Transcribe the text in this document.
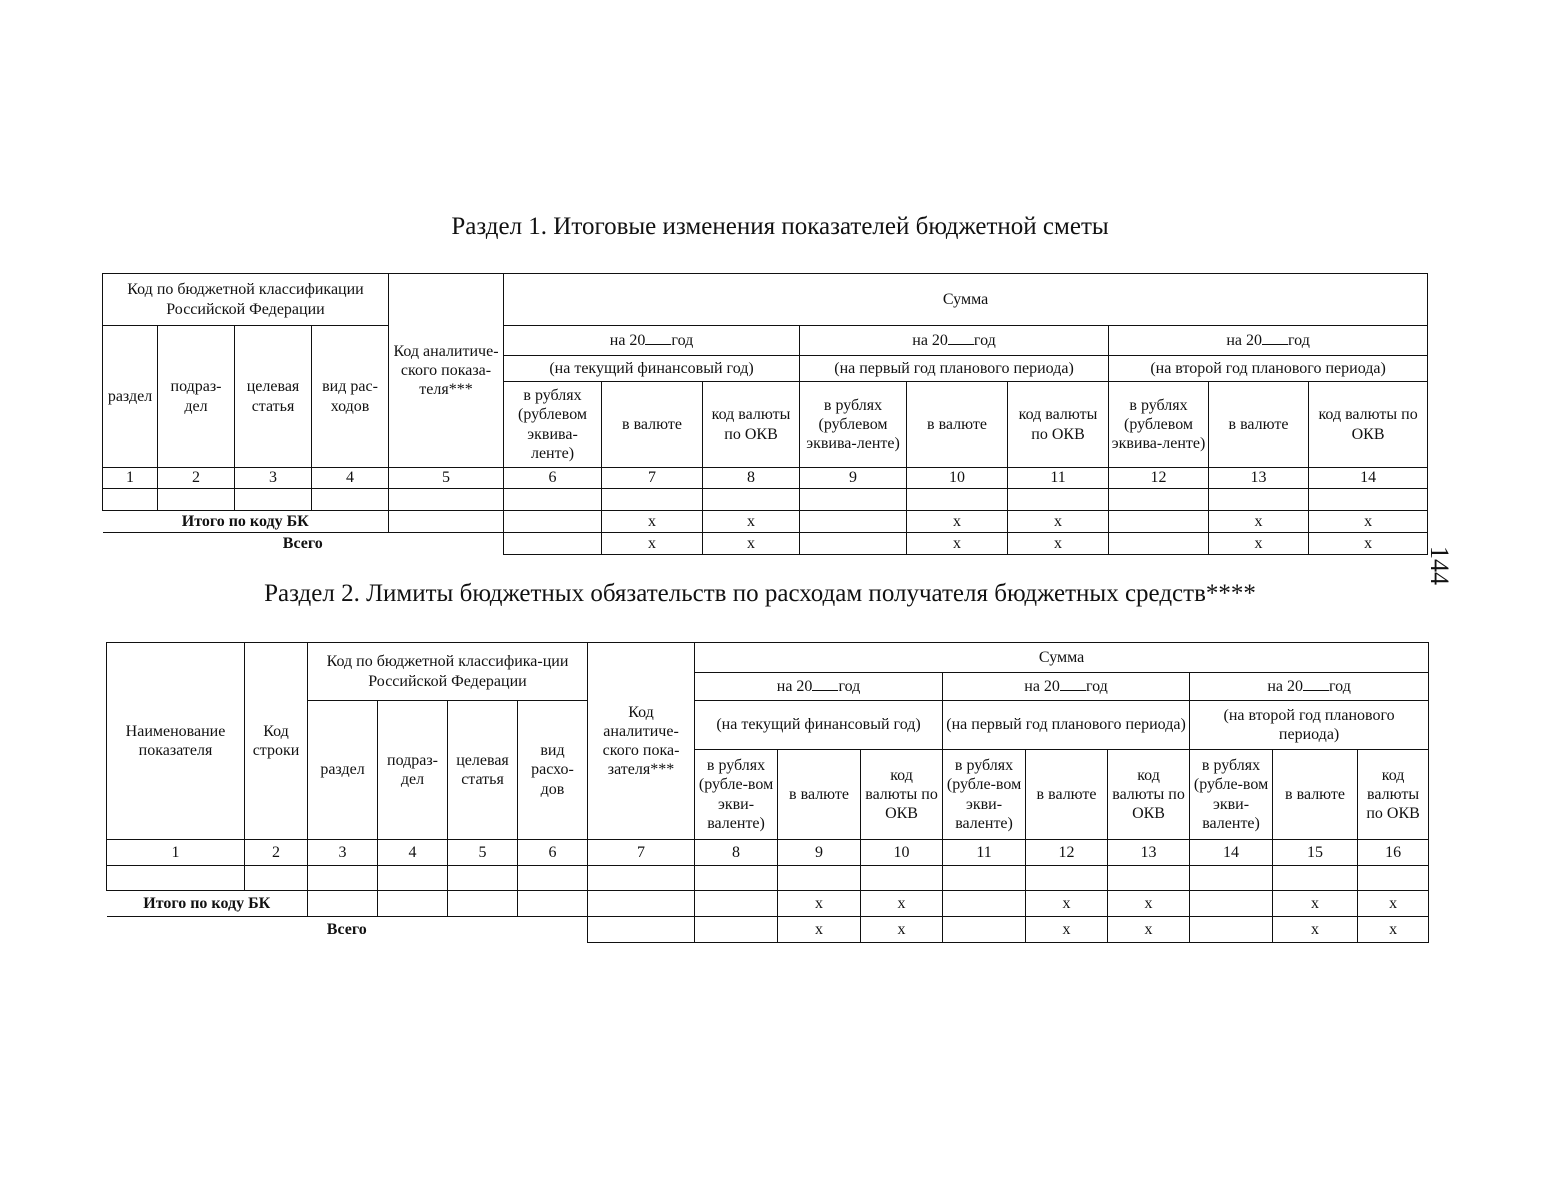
Раздел 1. Итоговые изменения показателей бюджетной сметы
Код по бюджетной классификации Российской Федерации				Код аналитиче-ского показа-теля***	Сумма								
раздел	подраз-дел	целевая статья	вид рас-ходов		на 20 год			на 20 год			на 20 год		
					(на текущий финансовый год)			(на первый год планового периода)			(на второй год планового периода)		
					в рублях (рублевом эквива-ленте)	в валюте	код валюты по ОКВ	в рублях (рублевом эквива-ленте)	в валюте	код валюты по ОКВ	в рублях (рублевом эквива-ленте)	в валюте	код валюты по ОКВ
1	2	3	4	5	6	7	8	9	10	11	12	13	14

Итого по коду БК						x	x		x	x		x	x
Всего						x	x		x	x		x	x
144
Раздел 2. Лимиты бюджетных обязательств по расходам получателя бюджетных средств****
Наименование показателя	Код строки	Код по бюджетной классифика-ции Российской Федерации				Код аналитиче-ского пока-зателя***	Сумма								
							на 20 год			на 20 год			на 20 год		
		раздел	подраз-дел	целевая статья	вид расхо-дов		(на текущий финансовый год)			(на первый год планового периода)			(на второй год планового периода)		
							в рублях (рубле-вом экви-валенте)	в валюте	код валюты по ОКВ	в рублях (рубле-вом экви-валенте)	в валюте	код валюты по ОКВ	в рублях (рубле-вом экви-валенте)	в валюте	код валюты по ОКВ

1	2	3	4	5	6	7	8	9	10	11	12	13	14	15	16

Итого по коду БК								x	x		x	x		x	x
Всего								x	x		x	x		x	x
